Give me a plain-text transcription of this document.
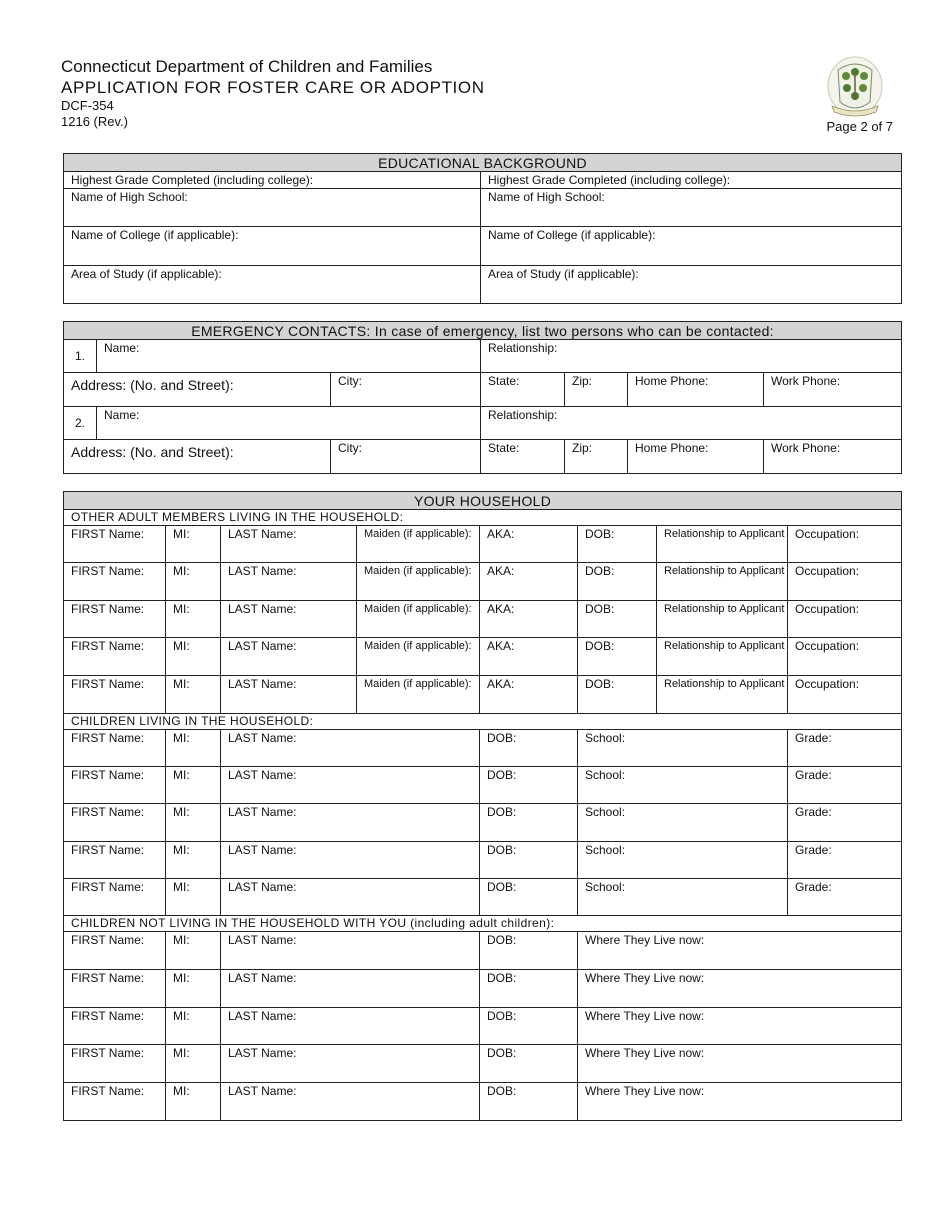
Connecticut Department of Children and Families
APPLICATION FOR FOSTER CARE OR ADOPTION
DCF-354
1216 (Rev.)	Page 2 of 7
EDUCATIONAL BACKGROUND	
Highest Grade Completed (including college):	Highest Grade Completed (including college):
Name of High School:	Name of High School:
Name of College (if applicable):	Name of College (if applicable):
Area of Study (if applicable):	Area of Study (if applicable):
EMERGENCY CONTACTS: In case of emergency, list two persons who can be contacted:						
1.	Name:		Relationship:			
Address: (No. and Street):		City:	State:	Zip:	Home Phone:	Work Phone:
2.	Name:		Relationship:			
Address: (No. and Street):		City:	State:	Zip:	Home Phone:	Work Phone:
YOUR HOUSEHOLD							
OTHER ADULT MEMBERS LIVING IN THE HOUSEHOLD:							
FIRST Name:	MI:	LAST Name:	Maiden (if applicable):	AKA:	DOB:	Relationship to Applicant	Occupation:
FIRST Name:	MI:	LAST Name:	Maiden (if applicable):	AKA:	DOB:	Relationship to Applicant	Occupation:
FIRST Name:	MI:	LAST Name:	Maiden (if applicable):	AKA:	DOB:	Relationship to Applicant	Occupation:
FIRST Name:	MI:	LAST Name:	Maiden (if applicable):	AKA:	DOB:	Relationship to Applicant	Occupation:
FIRST Name:	MI:	LAST Name:	Maiden (if applicable):	AKA:	DOB:	Relationship to Applicant	Occupation:
CHILDREN LIVING IN THE HOUSEHOLD:							
FIRST Name:	MI:	LAST Name:		DOB:	School:		Grade:
FIRST Name:	MI:	LAST Name:		DOB:	School:		Grade:
FIRST Name:	MI:	LAST Name:		DOB:	School:		Grade:
FIRST Name:	MI:	LAST Name:		DOB:	School:		Grade:
FIRST Name:	MI:	LAST Name:		DOB:	School:		Grade:
CHILDREN NOT LIVING IN THE HOUSEHOLD WITH YOU (including adult children):							
FIRST Name:	MI:	LAST Name:		DOB:	Where They Live now:		
FIRST Name:	MI:	LAST Name:		DOB:	Where They Live now:		
FIRST Name:	MI:	LAST Name:		DOB:	Where They Live now:		
FIRST Name:	MI:	LAST Name:		DOB:	Where They Live now:		
FIRST Name:	MI:	LAST Name:		DOB:	Where They Live now:		
